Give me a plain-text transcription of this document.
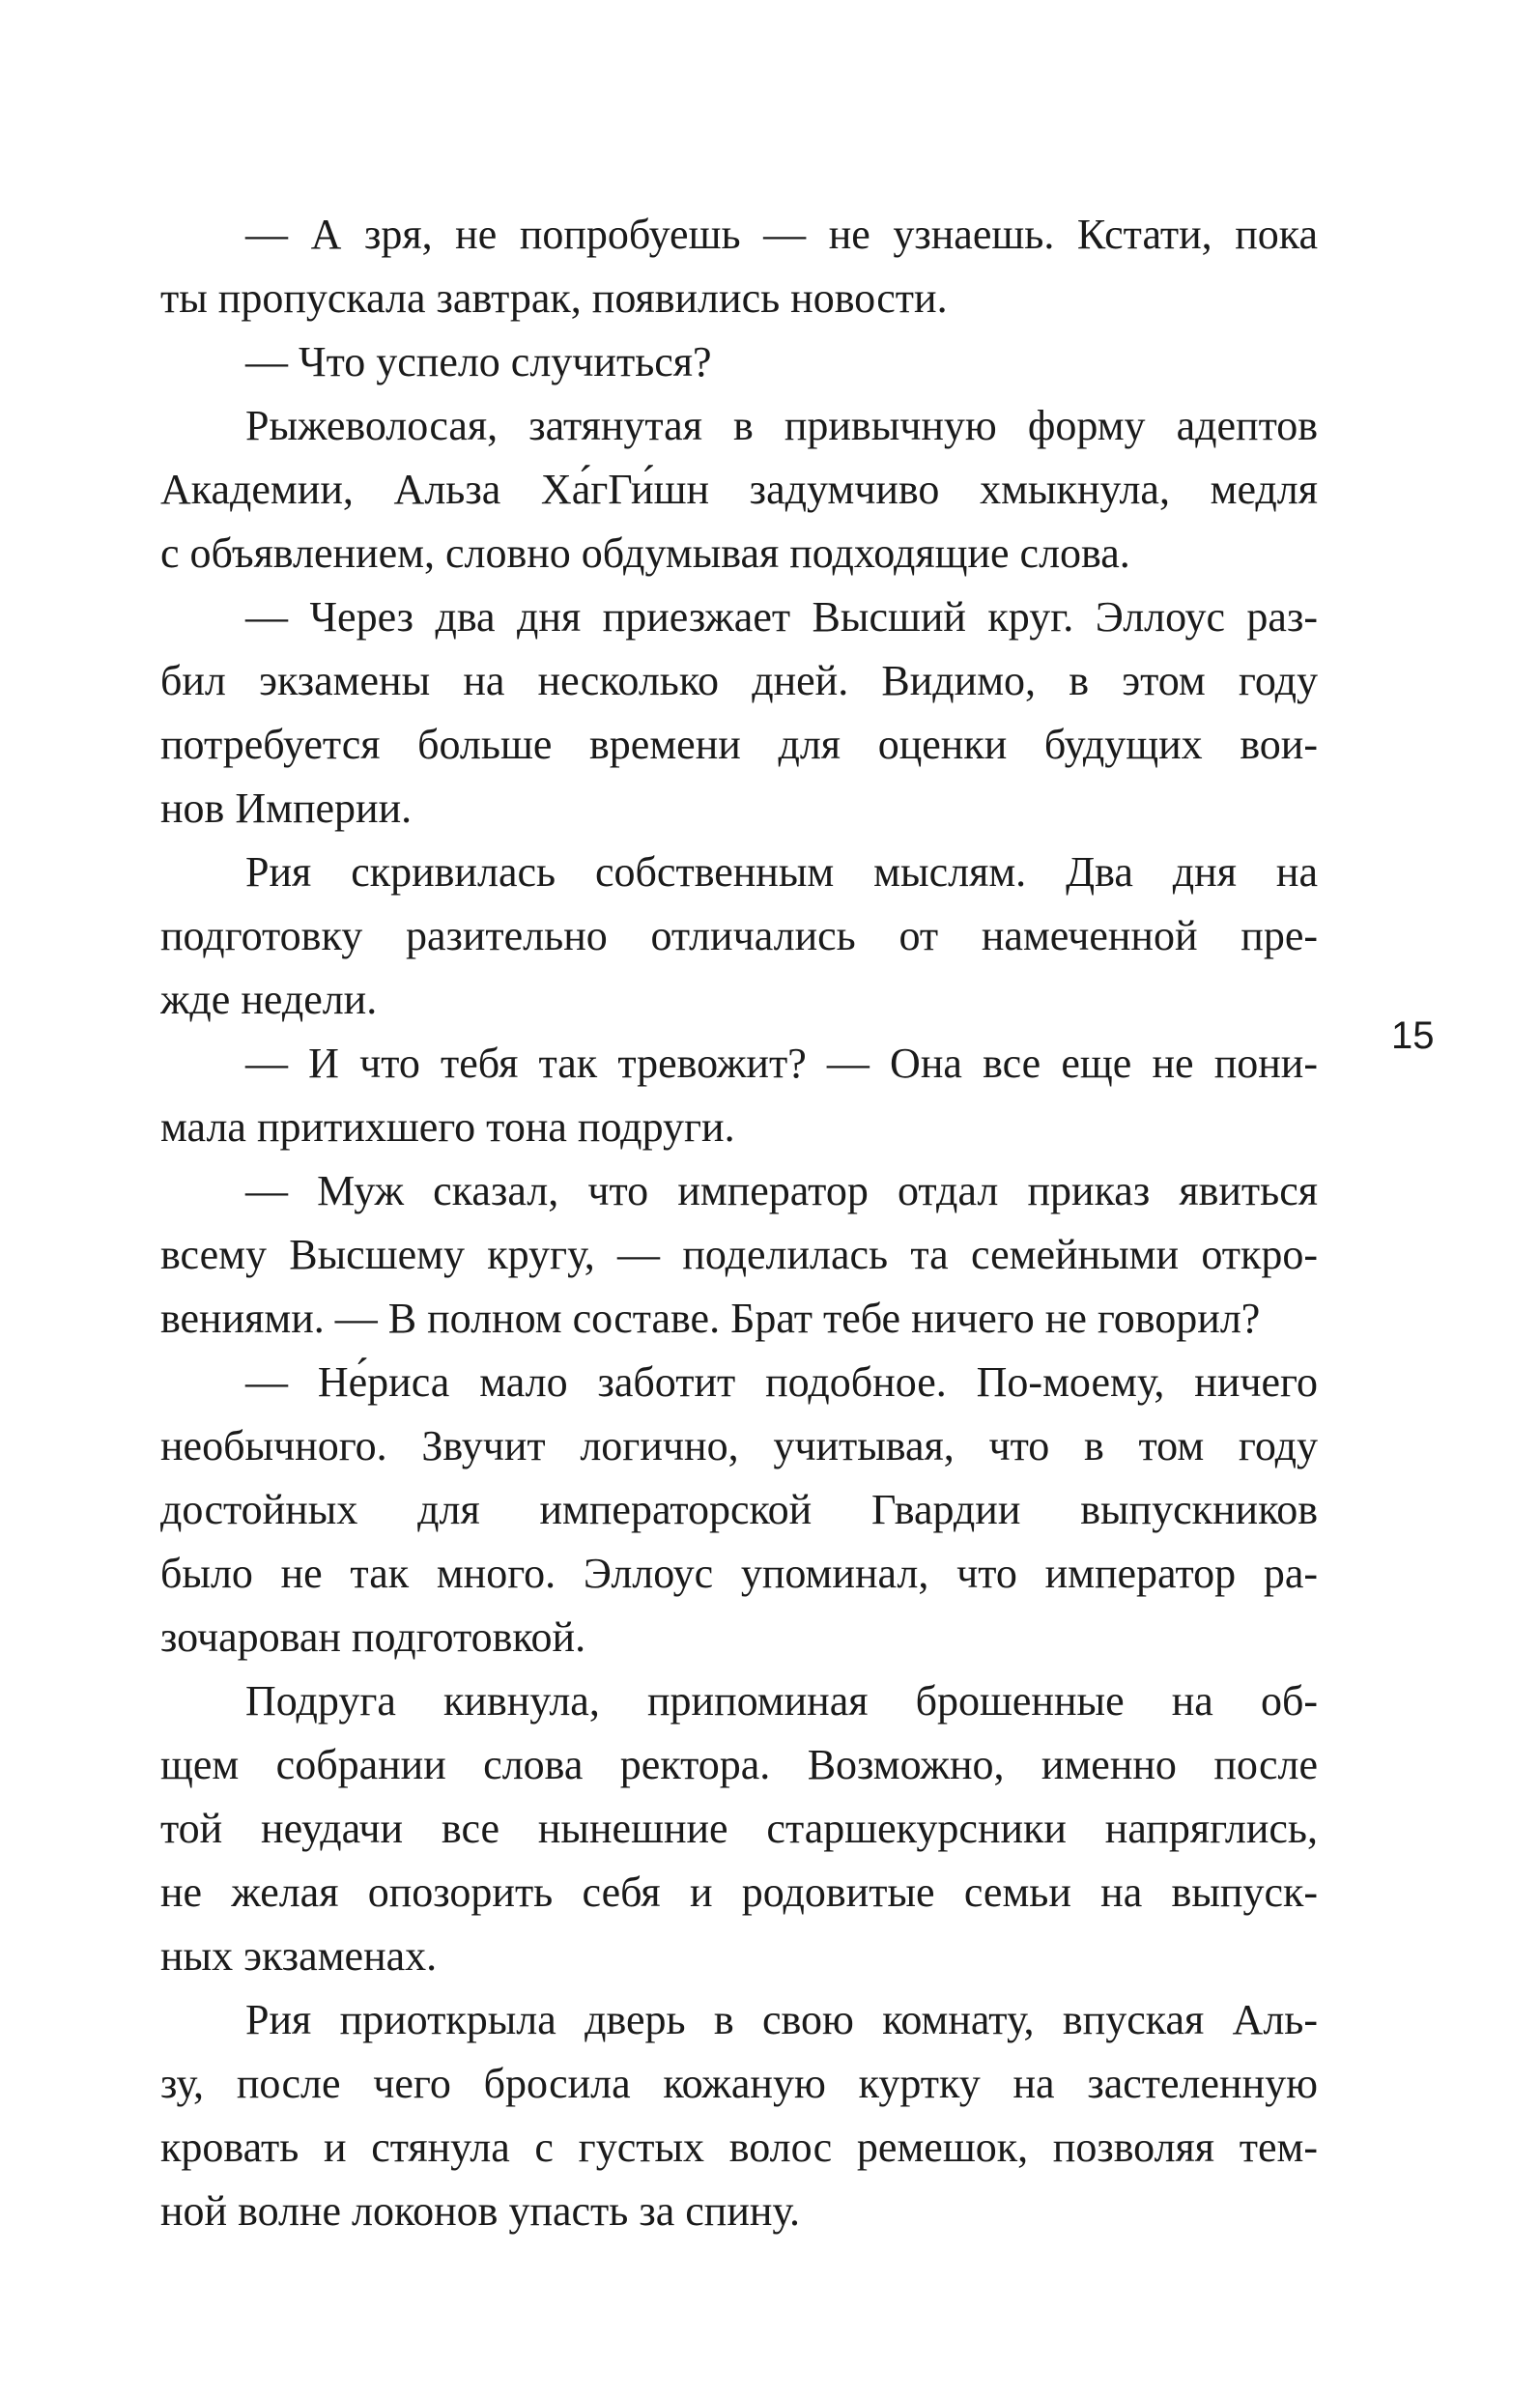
— А зря, не попробуешь — не узнаешь. Кстати, пока
ты пропускала завтрак, появились новости.
— Что успело случиться?
Рыжеволосая, затянутая в привычную форму адептов
Академии, Альза Ха́гГи́шн задумчиво хмыкнула, медля
с объявлением, словно обдумывая подходящие слова.
— Через два дня приезжает Высший круг. Эллоус раз-
бил экзамены на несколько дней. Видимо, в этом году
потребуется больше времени для оценки будущих вои-
нов Империи.
Рия скривилась собственным мыслям. Два дня на
подготовку разительно отличались от намеченной пре-
жде недели.
— И что тебя так тревожит? — Она все еще не пони-
мала притихшего тона подруги.
— Муж сказал, что император отдал приказ явиться
всему Высшему кругу, — поделилась та семейными откро-
вениями. — В полном составе. Брат тебе ничего не говорил?
— Не́риса мало заботит подобное. По-моему, ничего
необычного. Звучит логично, учитывая, что в том году
достойных для императорской Гвардии выпускников
было не так много. Эллоус упоминал, что император ра-
зочарован подготовкой.
Подруга кивнула, припоминая брошенные на об-
щем собрании слова ректора. Возможно, именно после
той неудачи все нынешние старшекурсники напряглись,
не желая опозорить себя и родовитые семьи на выпуск-
ных экзаменах.
Рия приоткрыла дверь в свою комнату, впуская Аль-
зу, после чего бросила кожаную куртку на застеленную
кровать и стянула с густых волос ремешок, позволяя тем-
ной волне локонов упасть за спину.
15
